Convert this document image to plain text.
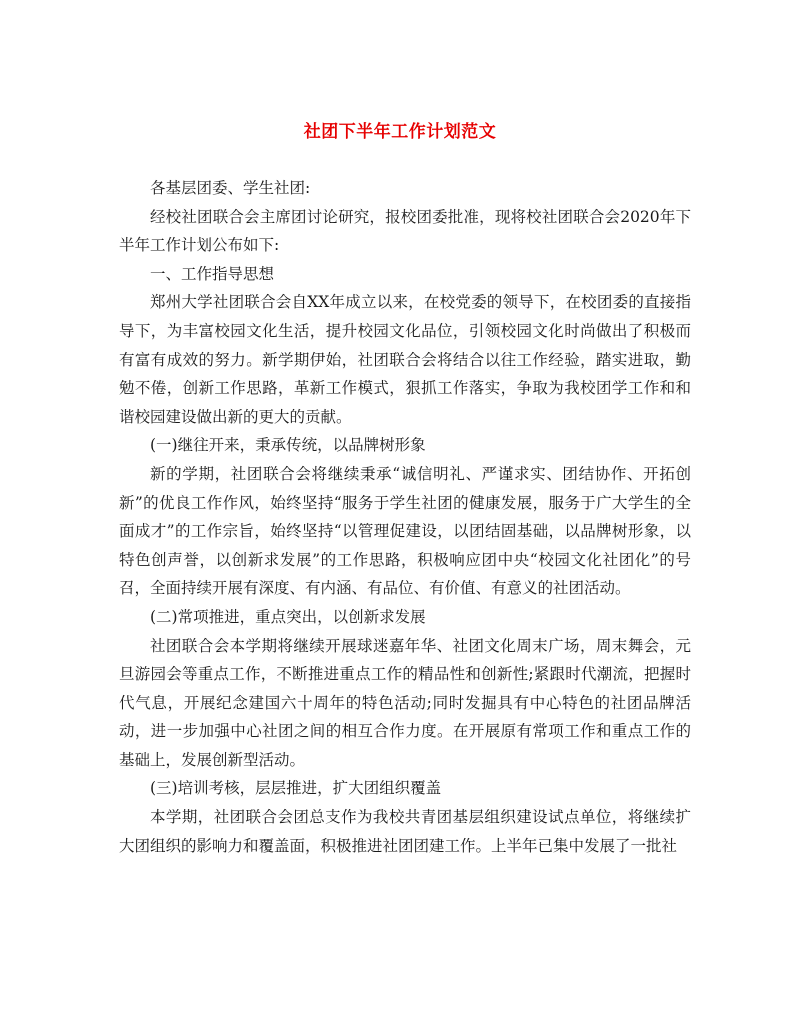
社团下半年工作计划范文

各基层团委、学生社团:

经校社团联合会主席团讨论研究，报校团委批准，现将校社团联合会2020年下半年工作计划公布如下:

一、工作指导思想

郑州大学社团联合会自XX年成立以来，在校党委的领导下，在校团委的直接指导下，为丰富校园文化生活，提升校园文化品位，引领校园文化时尚做出了积极而有富有成效的努力。新学期伊始，社团联合会将结合以往工作经验，踏实进取，勤勉不倦，创新工作思路，革新工作模式，狠抓工作落实，争取为我校团学工作和和谐校园建设做出新的更大的贡献。

(一)继往开来，秉承传统，以品牌树形象

新的学期，社团联合会将继续秉承“诚信明礼、严谨求实、团结协作、开拓创新”的优良工作作风，始终坚持“服务于学生社团的健康发展，服务于广大学生的全面成才”的工作宗旨，始终坚持“以管理促建设，以团结固基础，以品牌树形象，以特色创声誉，以创新求发展”的工作思路，积极响应团中央“校园文化社团化”的号召，全面持续开展有深度、有内涵、有品位、有价值、有意义的社团活动。

(二)常项推进，重点突出，以创新求发展

社团联合会本学期将继续开展球迷嘉年华、社团文化周末广场，周末舞会，元旦游园会等重点工作，不断推进重点工作的精品性和创新性;紧跟时代潮流，把握时代气息，开展纪念建国六十周年的特色活动;同时发掘具有中心特色的社团品牌活动，进一步加强中心社团之间的相互合作力度。在开展原有常项工作和重点工作的基础上，发展创新型活动。

(三)培训考核，层层推进，扩大团组织覆盖

本学期，社团联合会团总支作为我校共青团基层组织建设试点单位，将继续扩大团组织的影响力和覆盖面，积极推进社团团建工作。上半年已集中发展了一批社
